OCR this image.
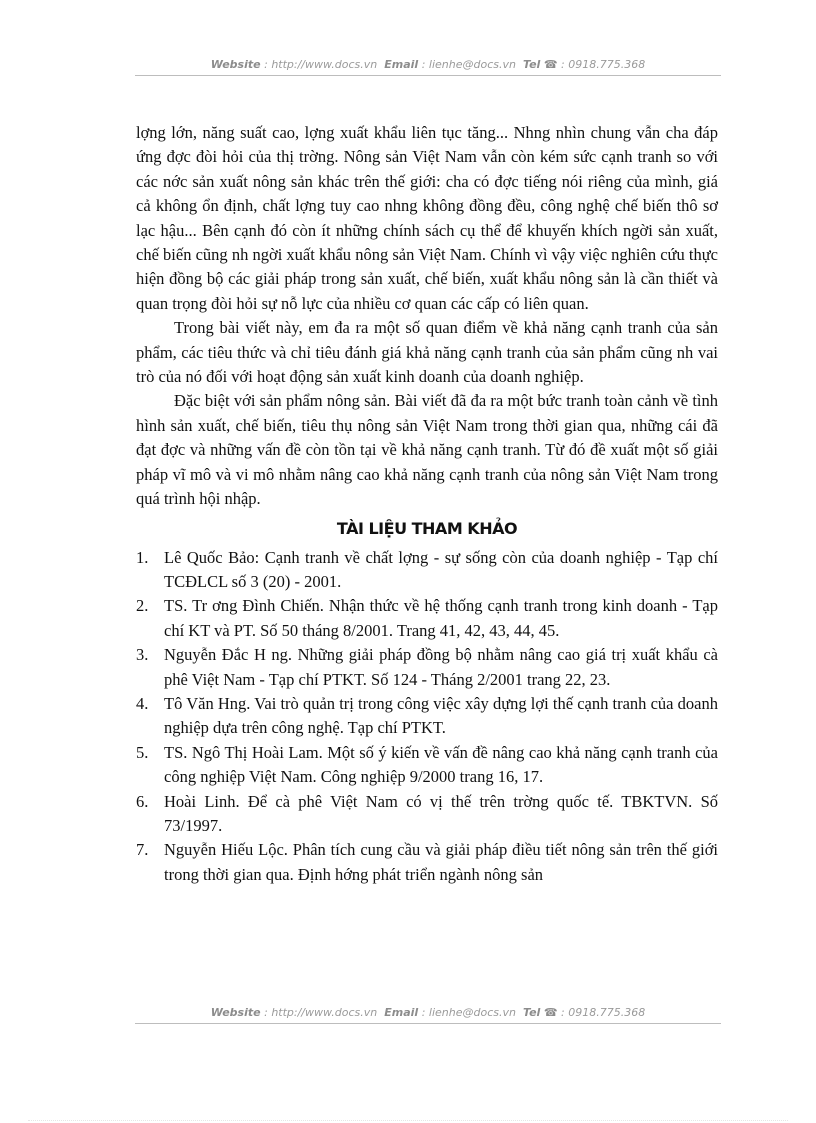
Website : http://www.docs.vn Email : lienhe@docs.vn Tel ☎ : 0918.775.368

lợng lớn, năng suất cao, lợng xuất khẩu liên tục tăng... Nhng nhìn chung vẫn cha đáp ứng đợc đòi hỏi của thị trờng. Nông sản Việt Nam vẫn còn kém sức cạnh tranh so với các nớc sản xuất nông sản khác trên thế giới: cha có đợc tiếng nói riêng của mình, giá cả không ổn định, chất lợng tuy cao nhng không đồng đều, công nghệ chế biến thô sơ lạc hậu... Bên cạnh đó còn ít những chính sách cụ thể để khuyến khích ngời sản xuất, chế biến cũng nh ngời xuất khẩu nông sản Việt Nam. Chính vì vậy việc nghiên cứu thực hiện đồng bộ các giải pháp trong sản xuất, chế biến, xuất khẩu nông sản là cần thiết và quan trọng đòi hỏi sự nỗ lực của nhiều cơ quan các cấp có liên quan.

Trong bài viết này, em đa ra một số quan điểm về khả năng cạnh tranh của sản phẩm, các tiêu thức và chỉ tiêu đánh giá khả năng cạnh tranh của sản phẩm cũng nh vai trò của nó đối với hoạt động sản xuất kinh doanh của doanh nghiệp.

Đặc biệt với sản phẩm nông sản. Bài viết đã đa ra một bức tranh toàn cảnh về tình hình sản xuất, chế biến, tiêu thụ nông sản Việt Nam trong thời gian qua, những cái đã đạt đợc và những vấn đề còn tồn tại về khả năng cạnh tranh. Từ đó đề xuất một số giải pháp vĩ mô và vi mô nhằm nâng cao khả năng cạnh tranh của nông sản Việt Nam trong quá trình hội nhập.

TÀI LIỆU THAM KHẢO
1. Lê Quốc Bảo: Cạnh tranh về chất lợng - sự sống còn của doanh nghiệp - Tạp chí TCĐLCL số 3 (20) - 2001.
2. TS. Tr ơng Đình Chiến. Nhận thức về hệ thống cạnh tranh trong kinh doanh - Tạp chí KT và PT. Số 50 tháng 8/2001. Trang 41, 42, 43, 44, 45.
3. Nguyễn Đắc H ng. Những giải pháp đồng bộ nhằm nâng cao giá trị xuất khẩu cà phê Việt Nam - Tạp chí PTKT. Số 124 - Tháng 2/2001 trang 22, 23.
4. Tô Văn Hng. Vai trò quản trị trong công việc xây dựng lợi thế cạnh tranh của doanh nghiệp dựa trên công nghệ. Tạp chí PTKT.
5. TS. Ngô Thị Hoài Lam. Một số ý kiến về vấn đề nâng cao khả năng cạnh tranh của công nghiệp Việt Nam. Công nghiệp 9/2000 trang 16, 17.
6. Hoài Linh. Để cà phê Việt Nam có vị thế trên trờng quốc tế. TBKTVN. Số 73/1997.
7. Nguyễn Hiếu Lộc. Phân tích cung cầu và giải pháp điều tiết nông sản trên thế giới trong thời gian qua. Định hớng phát triển ngành nông sản
Website : http://www.docs.vn Email : lienhe@docs.vn Tel ☎ : 0918.775.368
